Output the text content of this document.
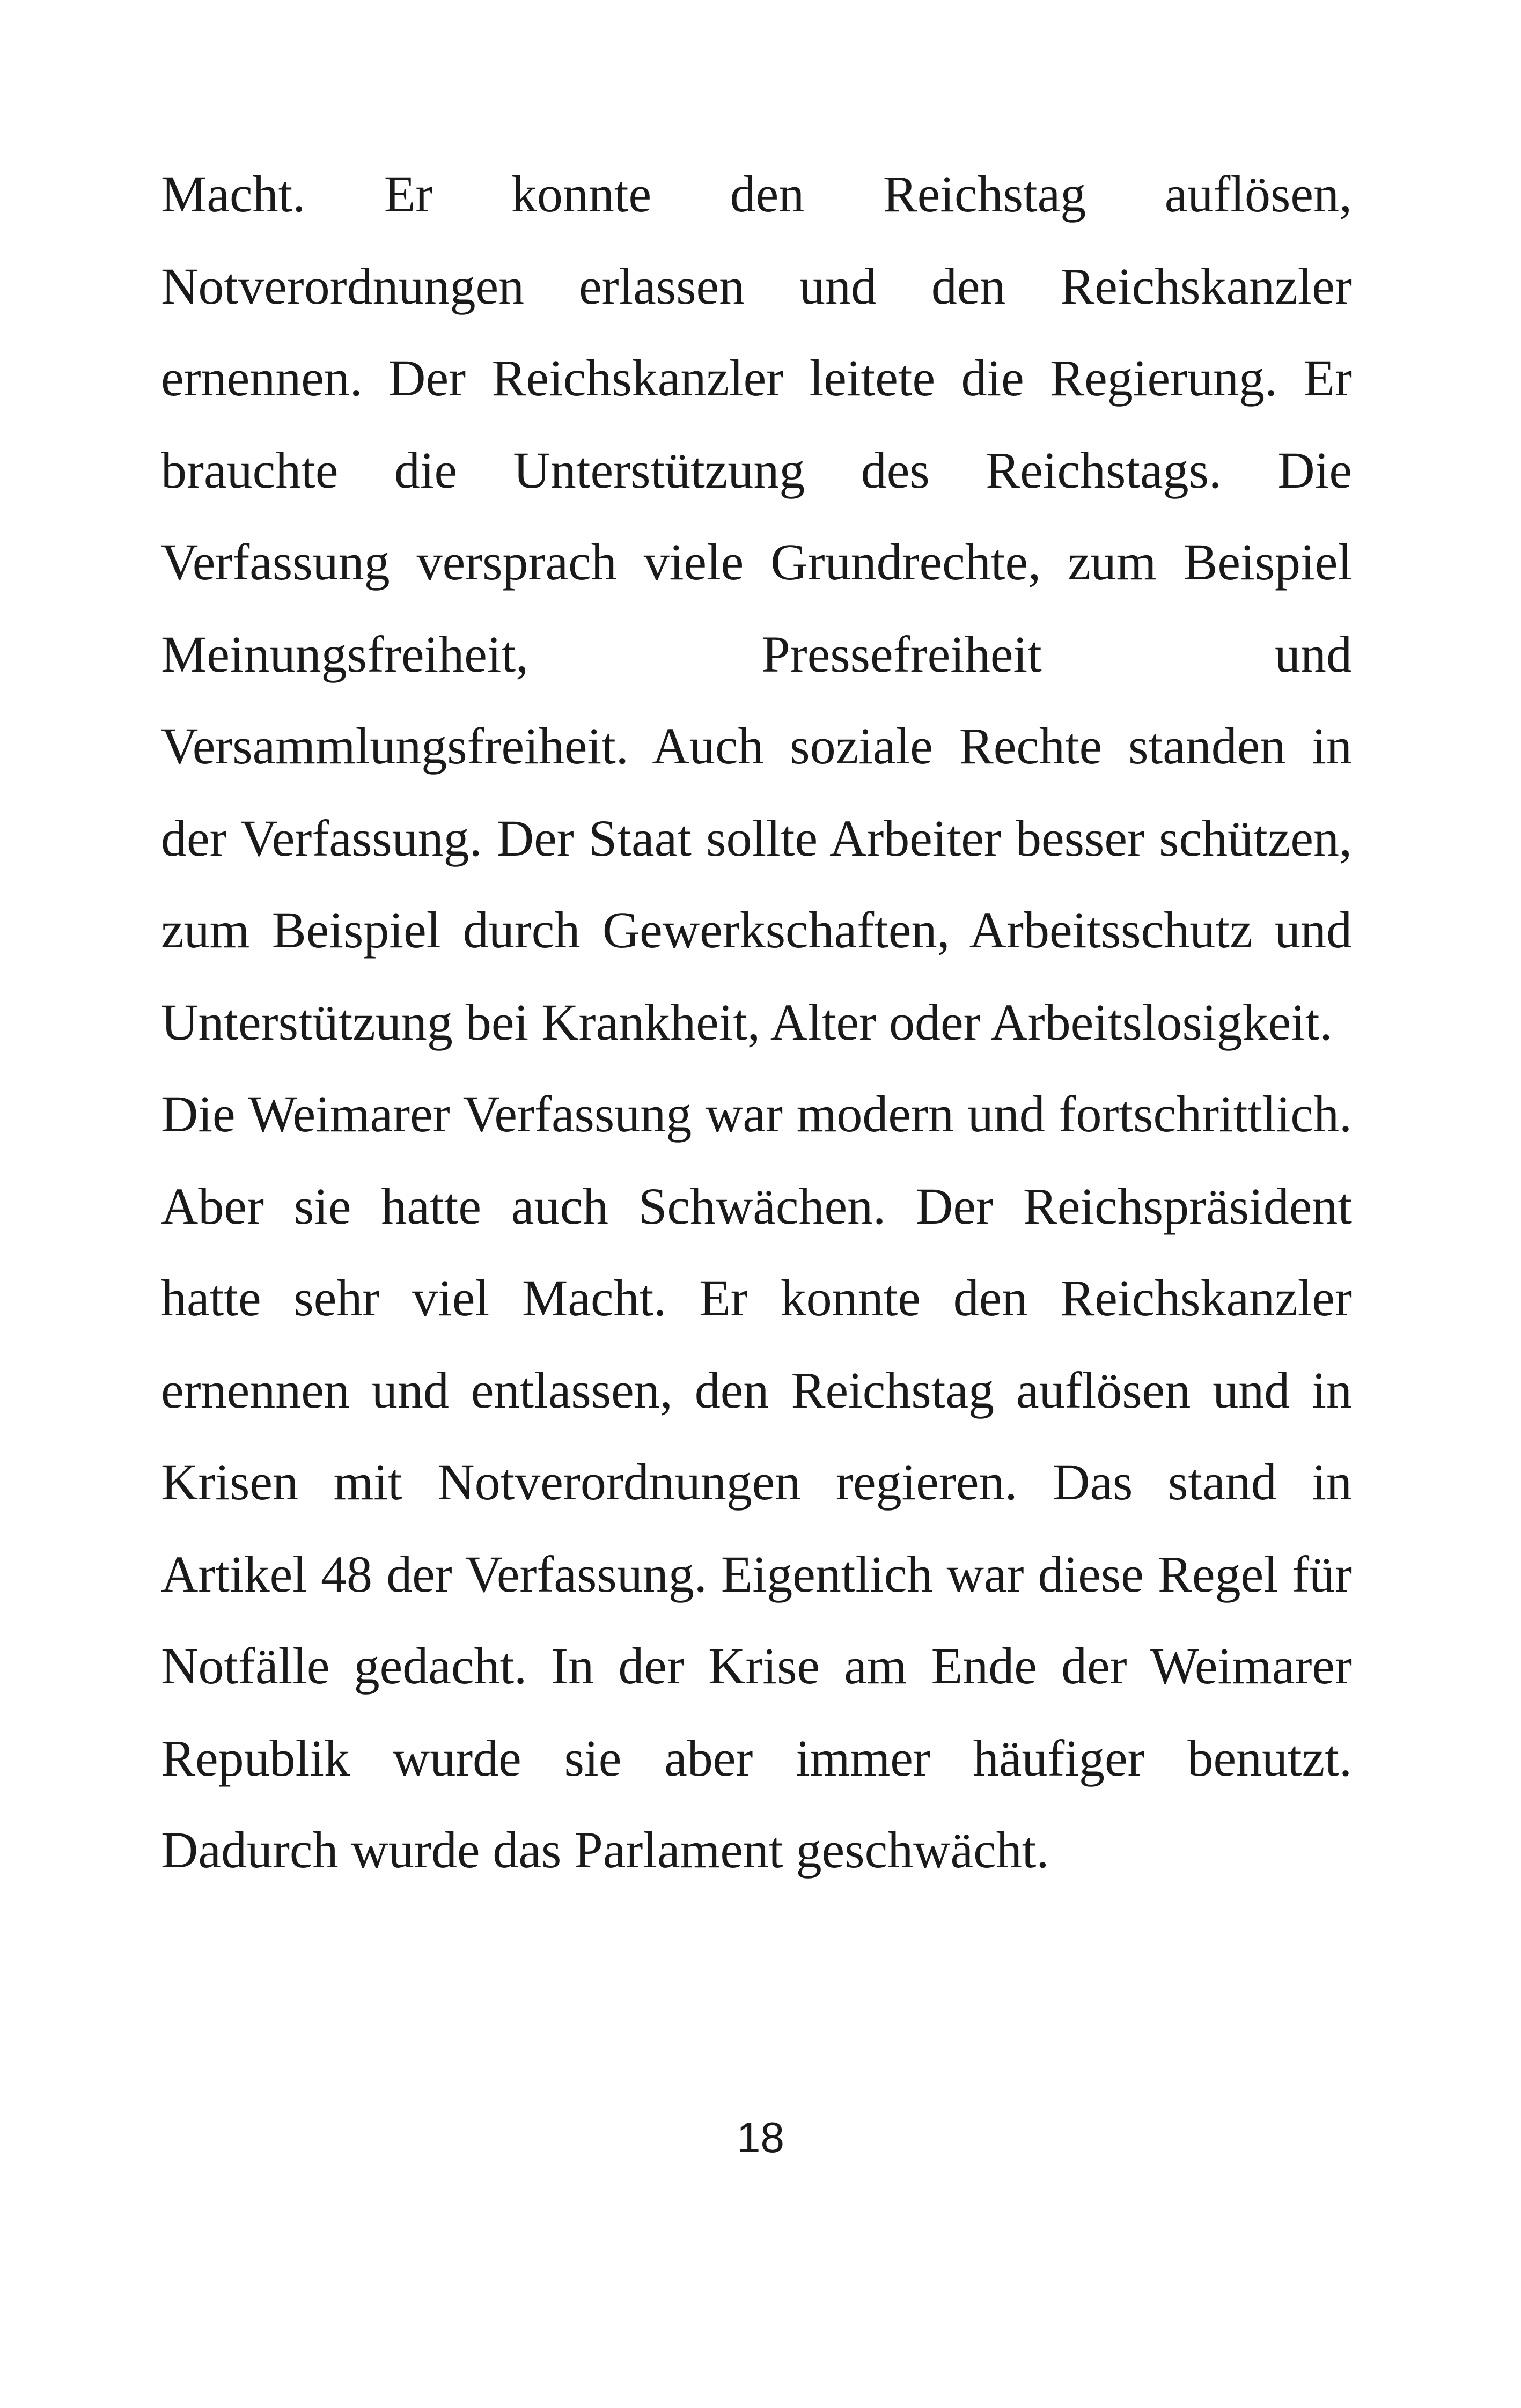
Macht. Er konnte den Reichstag auflösen, Notverordnungen erlassen und den Reichskanzler ernennen. Der Reichskanzler leitete die Regierung. Er brauchte die Unterstützung des Reichstags. Die Verfassung versprach viele Grundrechte, zum Beispiel Meinungsfreiheit, Pressefreiheit und Versammlungsfreiheit. Auch soziale Rechte standen in der Verfassung. Der Staat sollte Arbeiter besser schützen, zum Beispiel durch Gewerkschaften, Arbeitsschutz und Unterstützung bei Krankheit, Alter oder Arbeitslosigkeit.

Die Weimarer Verfassung war modern und fortschrittlich. Aber sie hatte auch Schwächen. Der Reichspräsident hatte sehr viel Macht. Er konnte den Reichskanzler ernennen und entlassen, den Reichstag auflösen und in Krisen mit Notverordnungen regieren. Das stand in Artikel 48 der Verfassung. Eigentlich war diese Regel für Notfälle gedacht. In der Krise am Ende der Weimarer Republik wurde sie aber immer häufiger benutzt. Dadurch wurde das Parlament geschwächt.

18
